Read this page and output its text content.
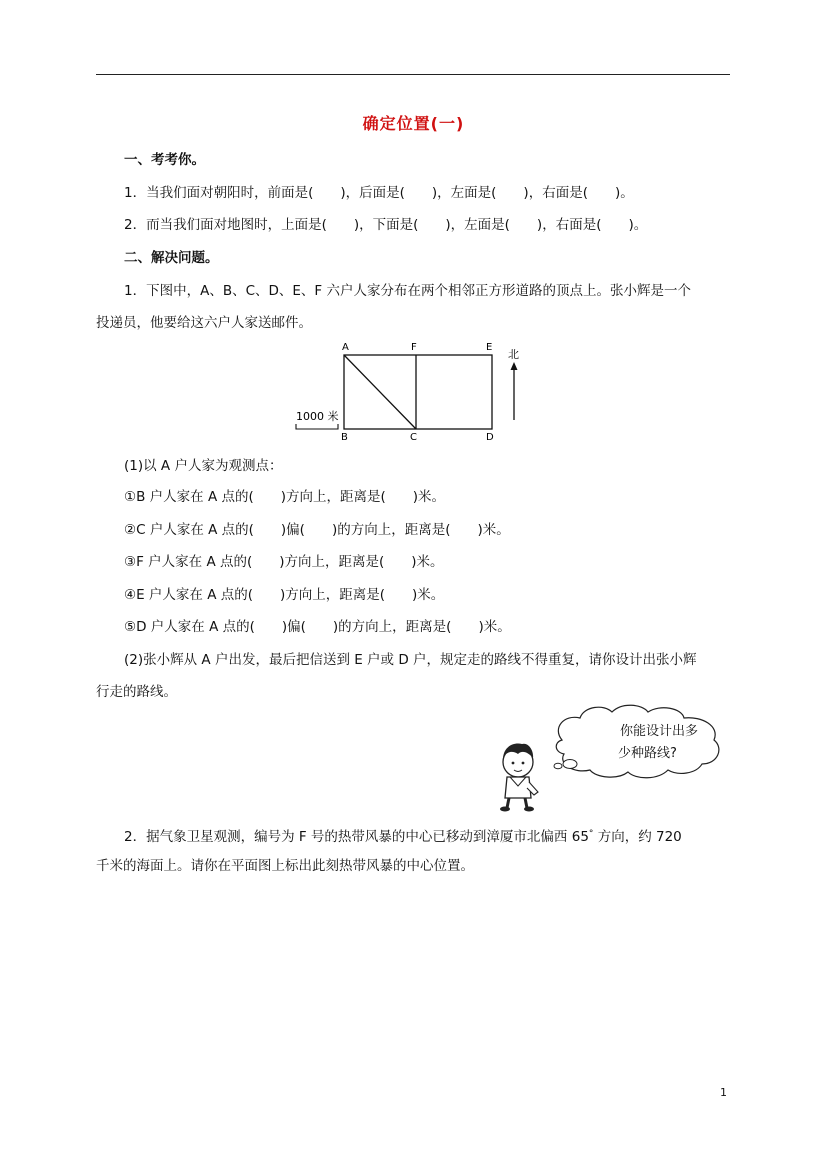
确定位置(一)
一、考考你。
1．当我们面对朝阳时，前面是(　　)，后面是(　　)，左面是(　　)，右面是(　　)。
2．而当我们面对地图时，上面是(　　)，下面是(　　)，左面是(　　)，右面是(　　)。
二、解决问题。
1．下图中，A、B、C、D、E、F 六户人家分布在两个相邻正方形道路的顶点上。张小辉是一个
投递员，他要给这六户人家送邮件。
A	F	E
B	C	D
北
1000 米
(1)以 A 户人家为观测点：
①B 户人家在 A 点的(　　)方向上，距离是(　　)米。
②C 户人家在 A 点的(　　)偏(　　)的方向上，距离是(　　)米。
③F 户人家在 A 点的(　　)方向上，距离是(　　)米。
④E 户人家在 A 点的(　　)方向上，距离是(　　)米。
⑤D 户人家在 A 点的(　　)偏(　　)的方向上，距离是(　　)米。
(2)张小辉从 A 户出发，最后把信送到 E 户或 D 户，规定走的路线不得重复，请你设计出张小辉
行走的路线。
你能设计出多
少种路线?
2．据气象卫星观测，编号为 F 号的热带风暴的中心已移动到漳厦市北偏西 65° 方向，约 720
千米的海面上。请你在平面图上标出此刻热带风暴的中心位置。
1
